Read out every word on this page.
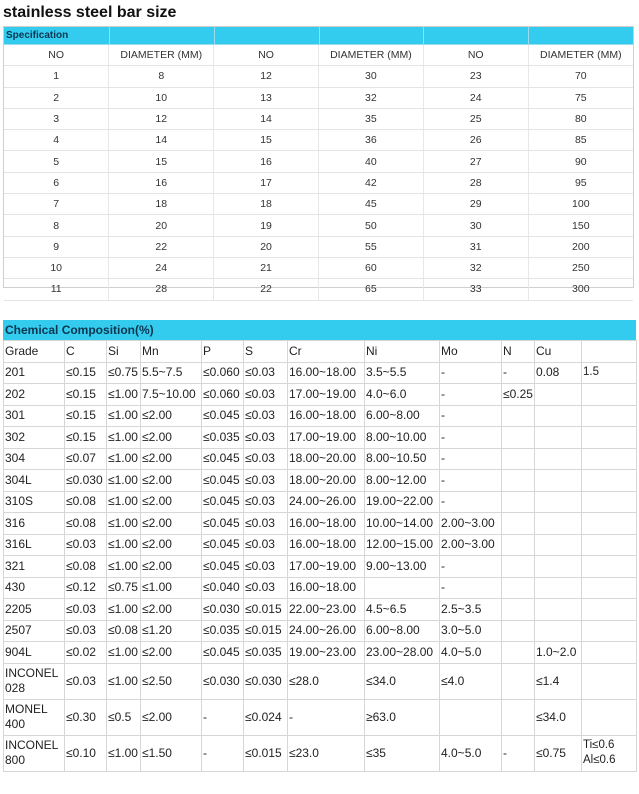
stainless steel bar size
Specification
NO	DIAMETER (MM)	NO	DIAMETER (MM)	NO	DIAMETER (MM)
1	8	12	30	23	70
2	10	13	32	24	75
3	12	14	35	25	80
4	14	15	36	26	85
5	15	16	40	27	90
6	16	17	42	28	95
7	18	18	45	29	100
8	20	19	50	30	150
9	22	20	55	31	200
10	24	21	60	32	250
11	28	22	65	33	300
Chemical Composition(%)
Grade	C	Si	Mn	P	S	Cr	Ni	Mo	N	Cu	
201	≤0.15	≤0.75	5.5~7.5	≤0.060	≤0.03	16.00~18.00	3.5~5.5	-	-	0.08	1.5
202	≤0.15	≤1.00	7.5~10.00	≤0.060	≤0.03	17.00~19.00	4.0~6.0	-	≤0.25		
301	≤0.15	≤1.00	≤2.00	≤0.045	≤0.03	16.00~18.00	6.00~8.00	-			
302	≤0.15	≤1.00	≤2.00	≤0.035	≤0.03	17.00~19.00	8.00~10.00	-			
304	≤0.07	≤1.00	≤2.00	≤0.045	≤0.03	18.00~20.00	8.00~10.50	-			
304L	≤0.030	≤1.00	≤2.00	≤0.045	≤0.03	18.00~20.00	8.00~12.00	-			
310S	≤0.08	≤1.00	≤2.00	≤0.045	≤0.03	24.00~26.00	19.00~22.00	-			
316	≤0.08	≤1.00	≤2.00	≤0.045	≤0.03	16.00~18.00	10.00~14.00	2.00~3.00			
316L	≤0.03	≤1.00	≤2.00	≤0.045	≤0.03	16.00~18.00	12.00~15.00	2.00~3.00			
321	≤0.08	≤1.00	≤2.00	≤0.045	≤0.03	17.00~19.00	9.00~13.00	-			
430	≤0.12	≤0.75	≤1.00	≤0.040	≤0.03	16.00~18.00		-			
2205	≤0.03	≤1.00	≤2.00	≤0.030	≤0.015	22.00~23.00	4.5~6.5	2.5~3.5			
2507	≤0.03	≤0.08	≤1.20	≤0.035	≤0.015	24.00~26.00	6.00~8.00	3.0~5.0			
904L	≤0.02	≤1.00	≤2.00	≤0.045	≤0.035	19.00~23.00	23.00~28.00	4.0~5.0		1.0~2.0	
INCONEL 028	≤0.03	≤1.00	≤2.50	≤0.030	≤0.030	≤28.0	≤34.0	≤4.0		≤1.4	
MONEL 400	≤0.30	≤0.5	≤2.00	-	≤0.024	-	≥63.0			≤34.0	
INCONEL 800	≤0.10	≤1.00	≤1.50	-	≤0.015	≤23.0	≤35	4.0~5.0	-	≤0.75	Ti≤0.6 Al≤0.6
